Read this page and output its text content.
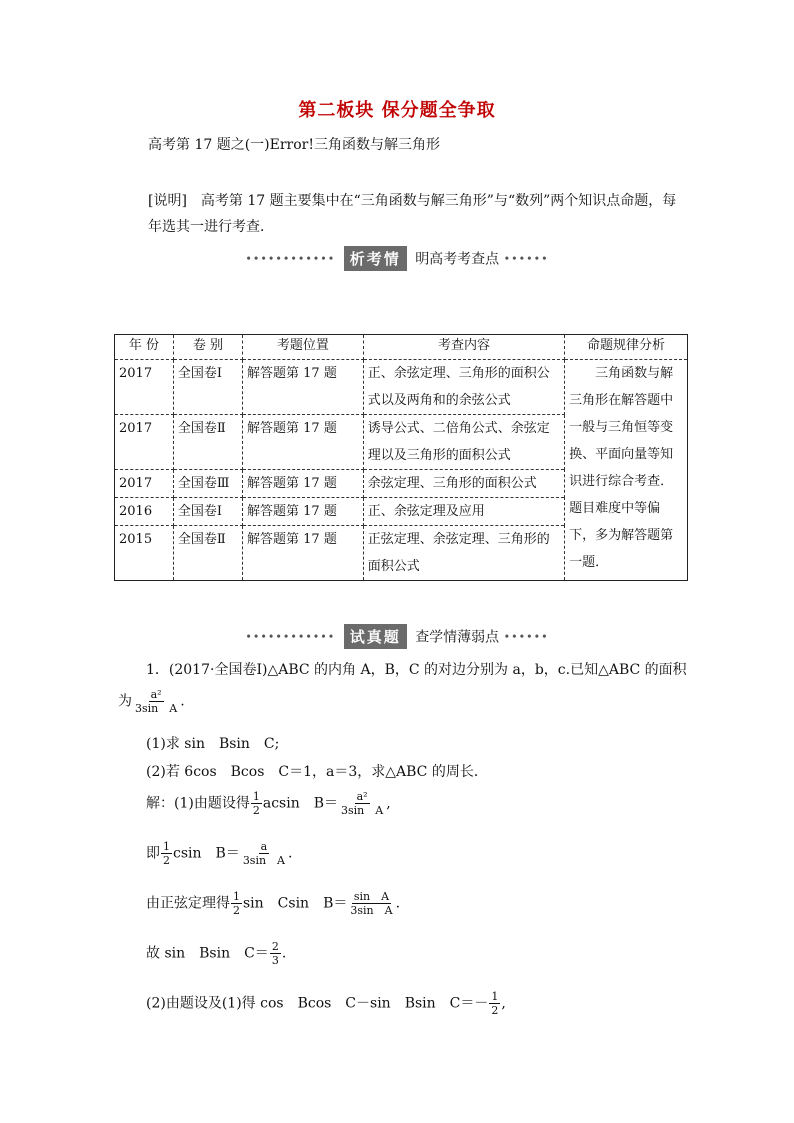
第二板块 保分题全争取
高考第 17 题之(一)Error!三角函数与解三角形
[说明]　高考第 17 题主要集中在“三角函数与解三角形”与“数列”两个知识点命题，每年选其一进行考查．
•••••••••••• 析考情 明高考考查点 ••••••
年 份	卷 别	考题位置	考查内容	命题规律分析
2017	全国卷Ⅰ	解答题第 17 题	正、余弦定理、三角形的面积公式以及两角和的余弦公式	　　三角函数与解三角形在解答题中一般与三角恒等变换、平面向量等知识进行综合考查．题目难度中等偏下，多为解答题第一题．
2017	全国卷Ⅱ	解答题第 17 题	诱导公式、二倍角公式、余弦定理以及三角形的面积公式	
2017	全国卷Ⅲ	解答题第 17 题	余弦定理、三角形的面积公式	
2016	全国卷Ⅰ	解答题第 17 题	正、余弦定理及应用	
2015	全国卷Ⅱ	解答题第 17 题	正弦定理、余弦定理、三角形的面积公式	
•••••••••••• 试真题 查学情薄弱点 ••••••
1．(2017·全国卷Ⅰ)△ABC 的内角 A，B，C 的对边分别为 a，b，c.已知△ABC 的面积
为 $\frac{\text{a²}}{\text{3sin　A}}$ .
(1)求 sin　Bsin　C;
(2)若 6cos　Bcos　C＝1，a＝3，求△ABC 的周长．
解：(1)由题设得 $\frac{1}{2}$ acsin　$B= \frac{\text{a²}}{\text{3sin　A}}$ ,
即 $\frac{1}{2}$ csin　$B= \frac{a}{\text{3sin　A}}$ .
由正弦定理得 $\frac{1}{2}$ sin　Csin　$B= \frac{\text{sin　A}}{\text{3sin　A}}$ .
故 sin　Bsin　$C= \frac{2}{3}$ .
(2)由题设及(1)得 cos　Bcos　C－sin　Bsin　$C=- \frac{1}{2}$ ,
